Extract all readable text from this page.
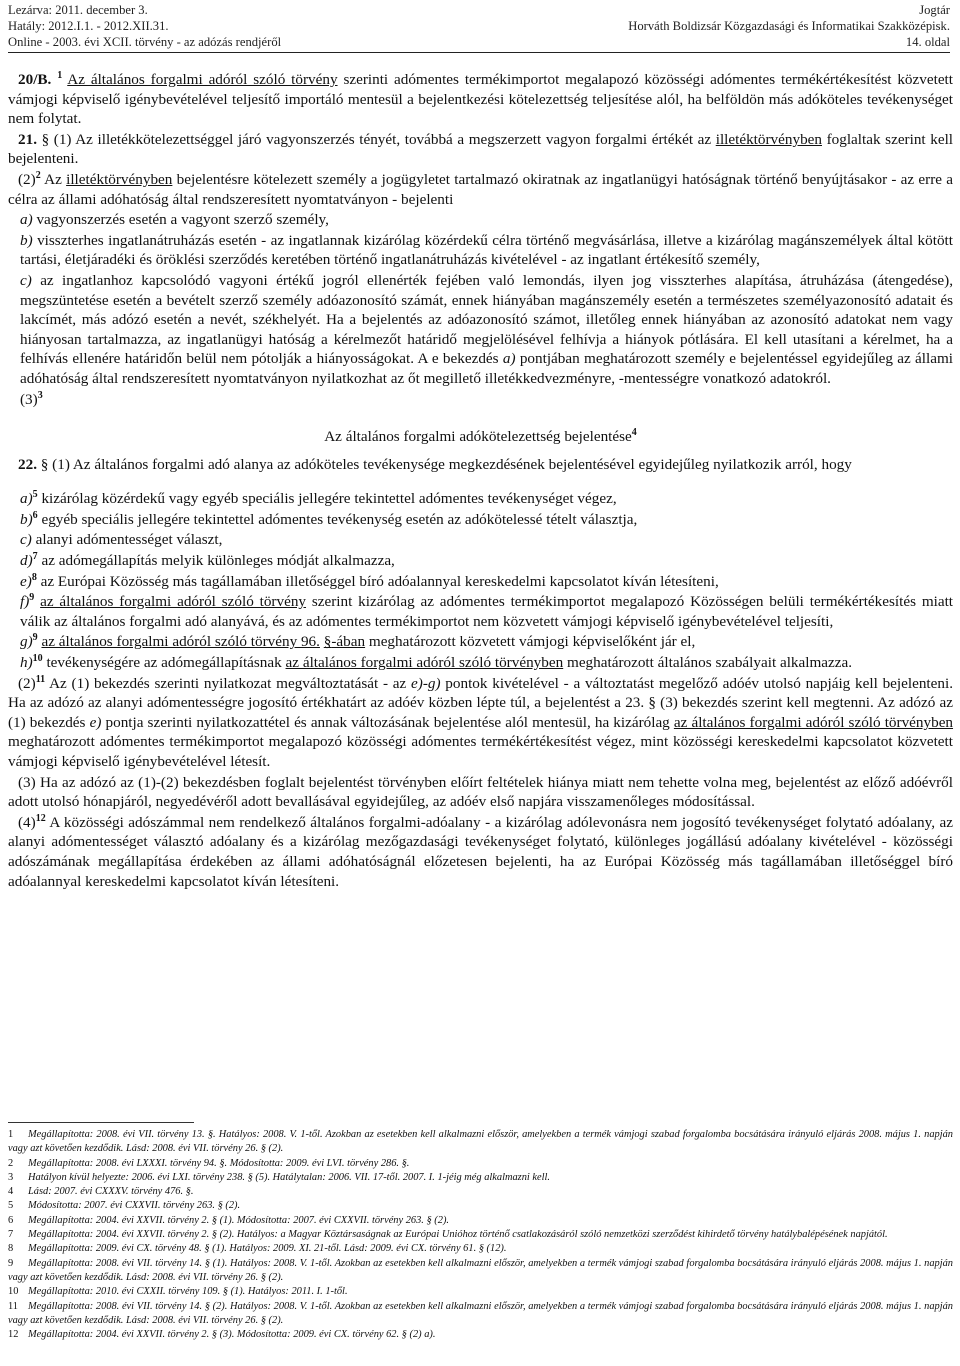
Lezárva: 2011. december 3.
Hatály: 2012.I.1. - 2012.XII.31.
Online - 2003. évi XCII. törvény - az adózás rendjéről
Jogtár
Horváth Boldizsár Közgazdasági és Informatikai Szakközépisk.
14. oldal

20/B. $^1$ Az általános forgalmi adóról szóló törvény szerinti adómentes termékimportot megalapozó közösségi adómentes termékértékesítést közvetett vámjogi képviselő igénybevételével teljesítő importáló mentesül a bejelentkezési kötelezettség teljesítése alól, ha belföldön más adóköteles tevékenységet nem folytat.

21. § (1) Az illetékkötelezettséggel járó vagyonszerzés tényét, továbbá a megszerzett vagyon forgalmi értékét az illetéktörvényben foglaltak szerint kell bejelenteni.

$(2)^2$ Az illetéktörvényben bejelentésre kötelezett személy a jogügyletet tartalmazó okiratnak az ingatlanügyi hatóságnak történő benyújtásakor - az erre a célra az állami adóhatóság által rendszeresített nyomtatványon - bejelenti

a) vagyonszerzés esetén a vagyont szerző személy,

b) visszterhes ingatlanátruházás esetén - az ingatlannak kizárólag közérdekű célra történő megvásárlása, illetve a kizárólag magánszemélyek által kötött tartási, életjáradéki és öröklési szerződés keretében történő ingatlanátruházás kivételével - az ingatlant értékesítő személy,

c) az ingatlanhoz kapcsolódó vagyoni értékű jogról ellenérték fejében való lemondás, ilyen jog visszterhes alapítása, átruházása (átengedése), megszüntetése esetén a bevételt szerző személy adóazonosító számát, ennek hiányában magánszemély esetén a természetes személyazonosító adatait és lakcímét, más adózó esetén a nevét, székhelyét. Ha a bejelentés az adóazonosító számot, illetőleg ennek hiányában az azonosító adatokat nem vagy hiányosan tartalmazza, az ingatlanügyi hatóság a kérelmezőt határidő megjelölésével felhívja a hiányok pótlására. El kell utasítani a kérelmet, ha a felhívás ellenére határidőn belül nem pótolják a hiányosságokat. A e bekezdés a) pontjában meghatározott személy e bejelentéssel egyidejűleg az állami adóhatóság által rendszeresített nyomtatványon nyilatkozhat az őt megillető illetékkedvezményre, -mentességre vonatkozó adatokról.

$(3)^3$

Az általános forgalmi adókötelezettség bejelentése$^4$

22. § (1) Az általános forgalmi adó alanya az adóköteles tevékenysége megkezdésének bejelentésével egyidejűleg nyilatkozik arról, hogy

a)$^5$ kizárólag közérdekű vagy egyéb speciális jellegére tekintettel adómentes tevékenységet végez,

b)$^6$ egyéb speciális jellegére tekintettel adómentes tevékenység esetén az adókötelessé tételt választja,

c) alanyi adómentességet választ,

d)$^7$ az adómegállapítás melyik különleges módját alkalmazza,

e)$^8$ az Európai Közösség más tagállamában illetőséggel bíró adóalannyal kereskedelmi kapcsolatot kíván létesíteni,

f)$^9$ az általános forgalmi adóról szóló törvény szerint kizárólag az adómentes termékimportot megalapozó Közösségen belüli termékértékesítés miatt válik az általános forgalmi adó alanyává, és az adómentes termékimportot nem közvetett vámjogi képviselő igénybevételével teljesíti,

g)$^9$ az általános forgalmi adóról szóló törvény 96. §-ában meghatározott közvetett vámjogi képviselőként jár el,

h)$^{10}$ tevékenységére az adómegállapításnak az általános forgalmi adóról szóló törvényben meghatározott általános szabályait alkalmazza.

$(2)^{11}$ Az (1) bekezdés szerinti nyilatkozat megváltoztatását - az e)-g) pontok kivételével - a változtatást megelőző adóév utolsó napjáig kell bejelenteni. Ha az adózó az alanyi adómentességre jogosító értékhatárt az adóév közben lépte túl, a bejelentést a 23. § (3) bekezdés szerint kell megtenni. Az adózó az (1) bekezdés e) pontja szerinti nyilatkozattétel és annak változásának bejelentése alól mentesül, ha kizárólag az általános forgalmi adóról szóló törvényben meghatározott adómentes termékimportot megalapozó közösségi adómentes termékértékesítést végez, mint közösségi kereskedelmi kapcsolatot közvetett vámjogi képviselő igénybevételével létesít.

(3) Ha az adózó az (1)-(2) bekezdésben foglalt bejelentést törvényben előírt feltételek hiánya miatt nem tehette volna meg, bejelentést az előző adóévről adott utolsó hónapjáról, negyedévéről adott bevallásával egyidejűleg, az adóév első napjára visszamenőleges módosítással.

$(4)^{12}$ A közösségi adószámmal nem rendelkező általános forgalmi-adóalany - a kizárólag adólevonásra nem jogosító tevékenységet folytató adóalany, az alanyi adómentességet választó adóalany és a kizárólag mezőgazdasági tevékenységet folytató, különleges jogállású adóalany kivételével - közösségi adószámának megállapítása érdekében az állami adóhatóságnál előzetesen bejelenti, ha az Európai Közösség más tagállamában illetőséggel bíró adóalannyal kereskedelmi kapcsolatot kíván létesíteni.

1 Megállapította: 2008. évi VII. törvény 13. §. Hatályos: 2008. V. 1-től. Azokban az esetekben kell alkalmazni először, amelyekben a termék vámjogi szabad forgalomba bocsátására irányuló eljárás 2008. május 1. napján vagy azt követően kezdődik. Lásd: 2008. évi VII. törvény 26. § (2).

2 Megállapította: 2008. évi LXXXI. törvény 94. §. Módosította: 2009. évi LVI. törvény 286. §.

3 Hatályon kívül helyezte: 2006. évi LXI. törvény 238. § (5). Hatálytalan: 2006. VII. 17-től. 2007. I. 1-jéig még alkalmazni kell.

4 Lásd: 2007. évi CXXXV. törvény 476. §.

5 Módosította: 2007. évi CXXVII. törvény 263. § (2).

6 Megállapította: 2004. évi XXVII. törvény 2. § (1). Módosította: 2007. évi CXXVII. törvény 263. § (2).

7 Megállapította: 2004. évi XXVII. törvény 2. § (2). Hatályos: a Magyar Köztársaságnak az Európai Unióhoz történő csatlakozásáról szóló nemzetközi szerződést kihirdető törvény hatálybalépésének napjától.

8 Megállapította: 2009. évi CX. törvény 48. § (1). Hatályos: 2009. XI. 21-től. Lásd: 2009. évi CX. törvény 61. § (12).

9 Megállapította: 2008. évi VII. törvény 14. § (1). Hatályos: 2008. V. 1-től. Azokban az esetekben kell alkalmazni először, amelyekben a termék vámjogi szabad forgalomba bocsátására irányuló eljárás 2008. május 1. napján vagy azt követően kezdődik. Lásd: 2008. évi VII. törvény 26. § (2).

10 Megállapította: 2010. évi CXXII. törvény 109. § (1). Hatályos: 2011. I. 1-től.

11 Megállapította: 2008. évi VII. törvény 14. § (2). Hatályos: 2008. V. 1-től. Azokban az esetekben kell alkalmazni először, amelyekben a termék vámjogi szabad forgalomba bocsátására irányuló eljárás 2008. május 1. napján vagy azt követően kezdődik. Lásd: 2008. évi VII. törvény 26. § (2).

12 Megállapította: 2004. évi XXVII. törvény 2. § (3). Módosította: 2009. évi CX. törvény 62. § (2) a).
